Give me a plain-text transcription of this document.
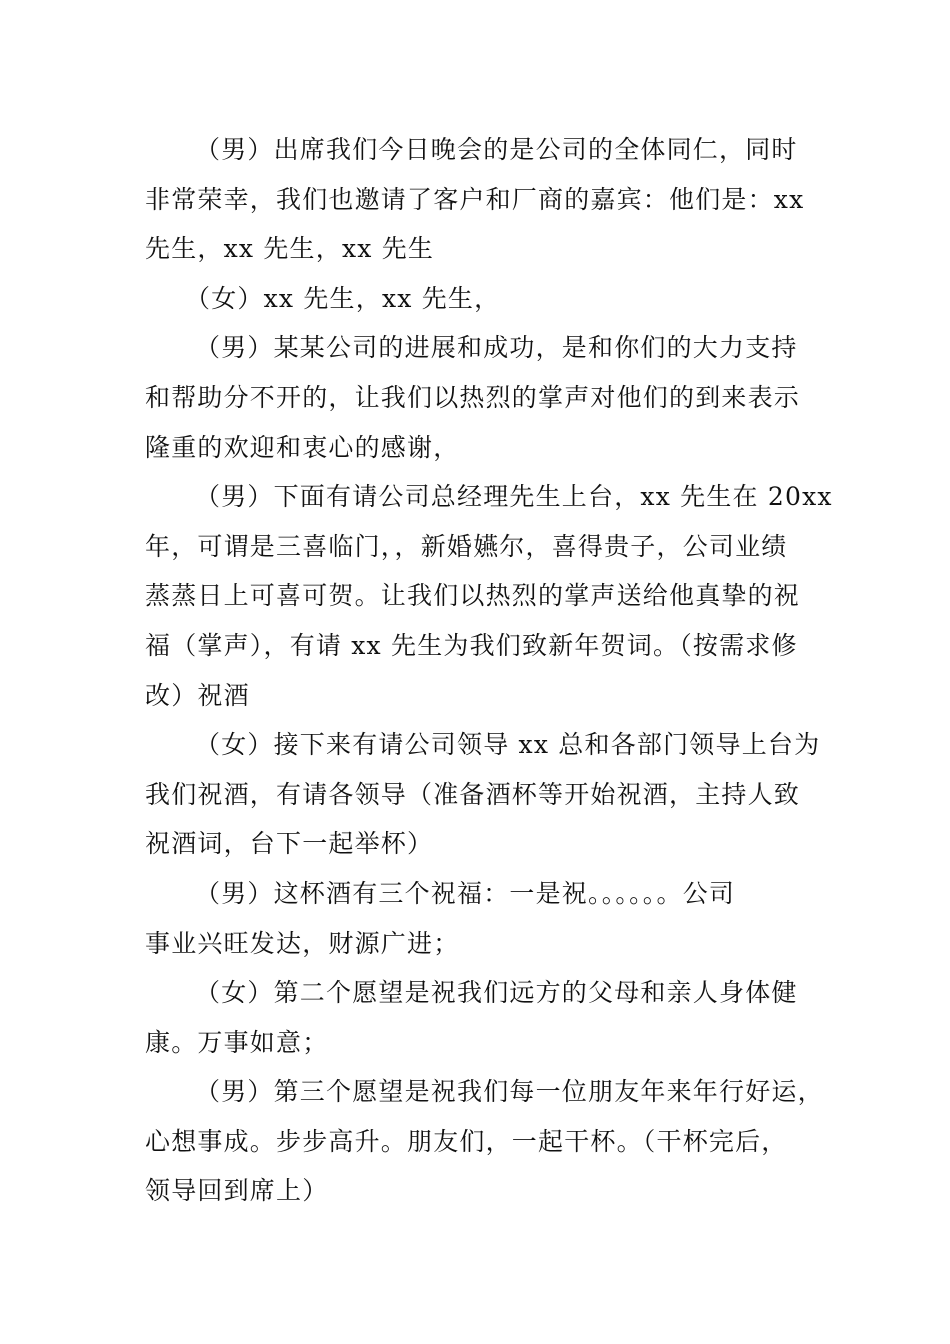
（男）出席我们今日晚会的是公司的全体同仁，同时
非常荣幸，我们也邀请了客户和厂商的嘉宾：他们是：xx
先生，xx 先生，xx 先生
（女）xx 先生，xx 先生，
（男）某某公司的进展和成功，是和你们的大力支持
和帮助分不开的，让我们以热烈的掌声对他们的到来表示
隆重的欢迎和衷心的感谢，
（男）下面有请公司总经理先生上台，xx 先生在 20xx
年，可谓是三喜临门，，新婚嬿尔，喜得贵子，公司业绩
蒸蒸日上可喜可贺。让我们以热烈的掌声送给他真挚的祝
福（掌声），有请 xx 先生为我们致新年贺词。（按需求修
改）祝酒
（女）接下来有请公司领导 xx 总和各部门领导上台为
我们祝酒，有请各领导（准备酒杯等开始祝酒，主持人致
祝酒词，台下一起举杯）
（男）这杯酒有三个祝福：一是祝。。。。。。公司
事业兴旺发达，财源广进；
（女）第二个愿望是祝我们远方的父母和亲人身体健
康。万事如意；
（男）第三个愿望是祝我们每一位朋友年来年行好运，
心想事成。步步高升。朋友们，一起干杯。（干杯完后，
领导回到席上）
